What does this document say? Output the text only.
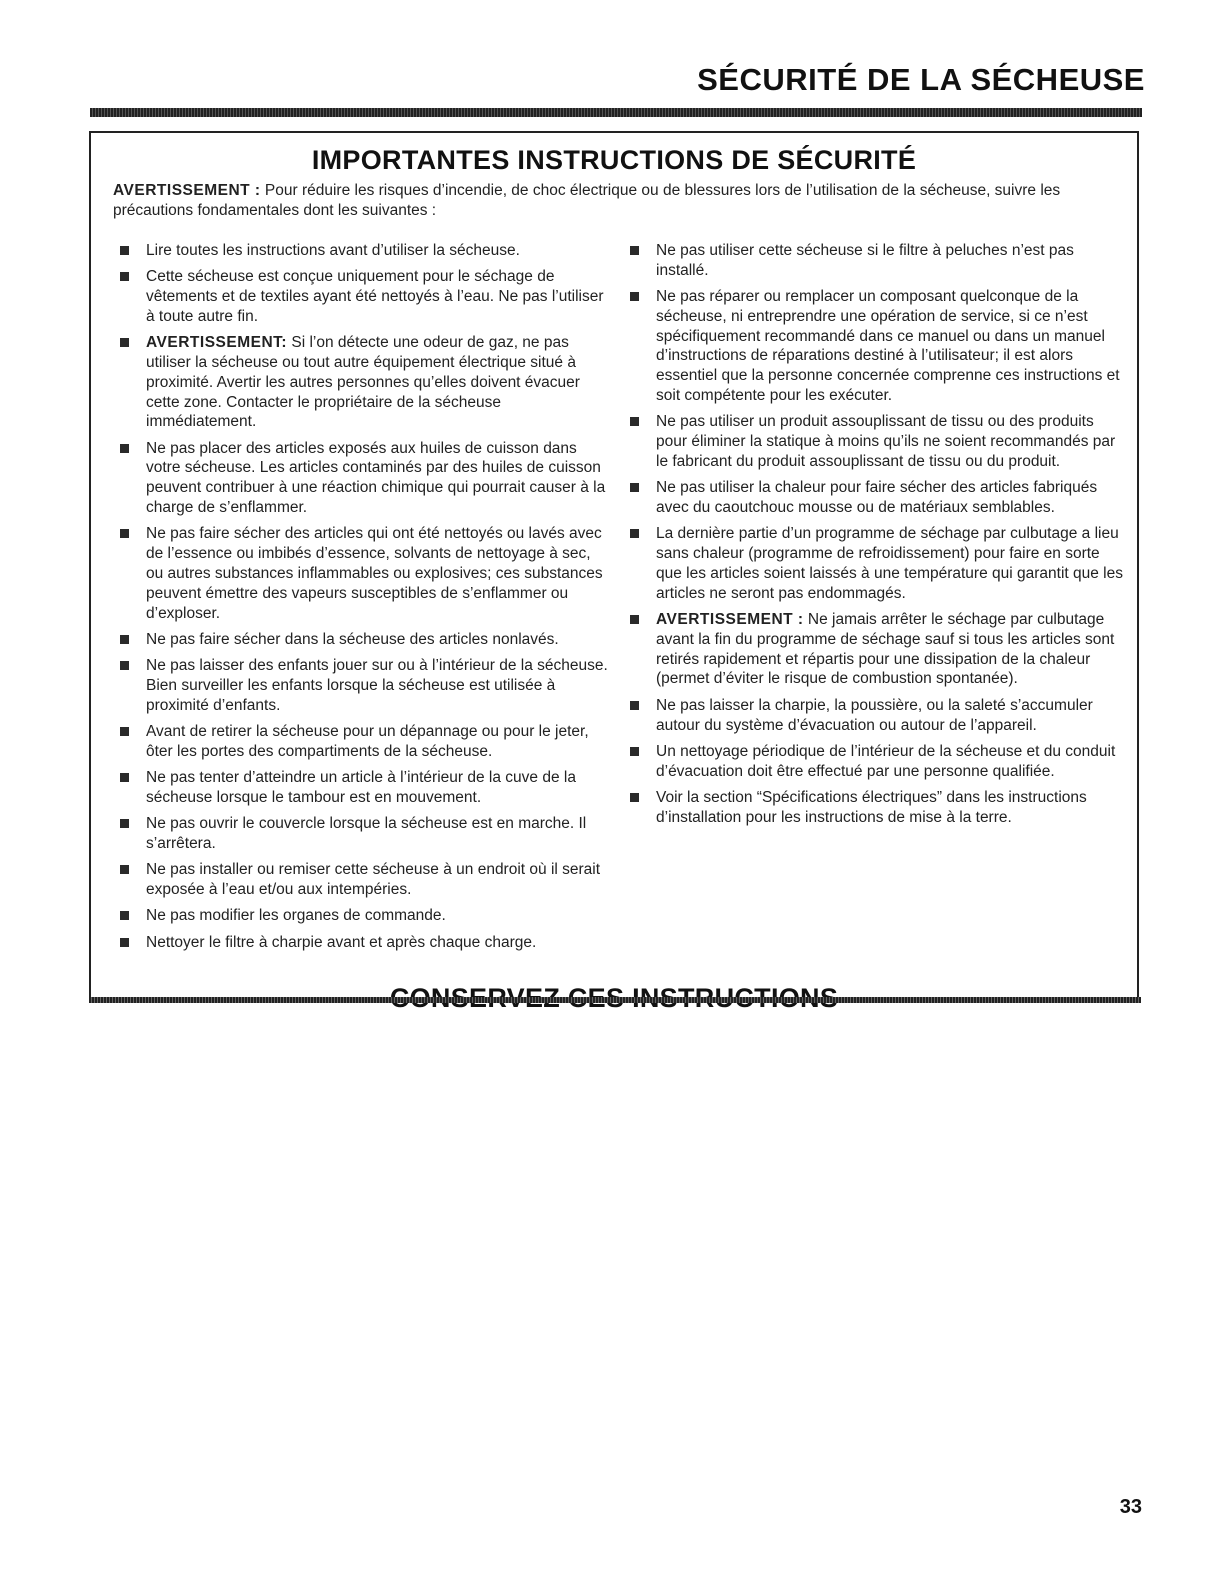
SÉCURITÉ DE LA SÉCHEUSE
IMPORTANTES INSTRUCTIONS DE SÉCURITÉ
AVERTISSEMENT : Pour réduire les risques d’incendie, de choc électrique ou de blessures lors de l’utilisation de la sécheuse, suivre les précautions fondamentales dont les suivantes :
Lire toutes les instructions avant d’utiliser la sécheuse.
Cette sécheuse est conçue uniquement pour le séchage de vêtements et de textiles ayant été nettoyés à l’eau. Ne pas l’utiliser à toute autre fin.
AVERTISSEMENT: Si l’on détecte une odeur de gaz, ne pas utiliser la sécheuse ou tout autre équipement électrique situé à proximité. Avertir les autres personnes qu’elles doivent évacuer cette zone. Contacter le propriétaire de la sécheuse immédiatement.
Ne pas placer des articles exposés aux huiles de cuisson dans votre sécheuse. Les articles contaminés par des huiles de cuisson peuvent contribuer à une réaction chimique qui pourrait causer à la charge de s’enflammer.
Ne pas faire sécher des articles qui ont été nettoyés ou lavés avec de l’essence ou imbibés d’essence, solvants de nettoyage à sec, ou autres substances inflammables ou explosives; ces substances peuvent émettre des vapeurs susceptibles de s’enflammer ou d’exploser.
Ne pas faire sécher dans la sécheuse des articles nonlavés.
Ne pas laisser des enfants jouer sur ou à l’intérieur de la sécheuse. Bien surveiller les enfants lorsque la sécheuse est utilisée à proximité d’enfants.
Avant de retirer la sécheuse pour un dépannage ou pour le jeter, ôter les portes des compartiments de la sécheuse.
Ne pas tenter d’atteindre un article à l’intérieur de la cuve de la sécheuse lorsque le tambour est en mouvement.
Ne pas ouvrir le couvercle lorsque la sécheuse est en marche. Il s’arrêtera.
Ne pas installer ou remiser cette sécheuse à un endroit où il serait exposée à l’eau et/ou aux intempéries.
Ne pas modifier les organes de commande.
Nettoyer le filtre à charpie avant et après chaque charge.
Ne pas utiliser cette sécheuse si le filtre à peluches n’est pas installé.
Ne pas réparer ou remplacer un composant quelconque de la sécheuse, ni entreprendre une opération de service, si ce n’est spécifiquement recommandé dans ce manuel ou dans un manuel d’instructions de réparations destiné à l’utilisateur; il est alors essentiel que la personne concernée comprenne ces instructions et soit compétente pour les exécuter.
Ne pas utiliser un produit assouplissant de tissu ou des produits pour éliminer la statique à moins qu’ils ne soient recommandés par le fabricant du produit assouplissant de tissu ou du produit.
Ne pas utiliser la chaleur pour faire sécher des articles fabriqués avec du caoutchouc mousse ou de matériaux semblables.
La dernière partie d’un programme de séchage par culbutage a lieu sans chaleur (programme de refroidissement) pour faire en sorte que les articles soient laissés à une température qui garantit que les articles ne seront pas endommagés.
AVERTISSEMENT : Ne jamais arrêter le séchage par culbutage avant la fin du programme de séchage sauf si tous les articles sont retirés rapidement et répartis pour une dissipation de la chaleur (permet d’éviter le risque de combustion spontanée).
Ne pas laisser la charpie, la poussière, ou la saleté s’accumuler autour du système d’évacuation ou autour de l’appareil.
Un nettoyage périodique de l’intérieur de la sécheuse et du conduit d’évacuation doit être effectué par une personne qualifiée.
Voir la section “Spécifications électriques” dans les instructions d’installation pour les instructions de mise à la terre.
33
